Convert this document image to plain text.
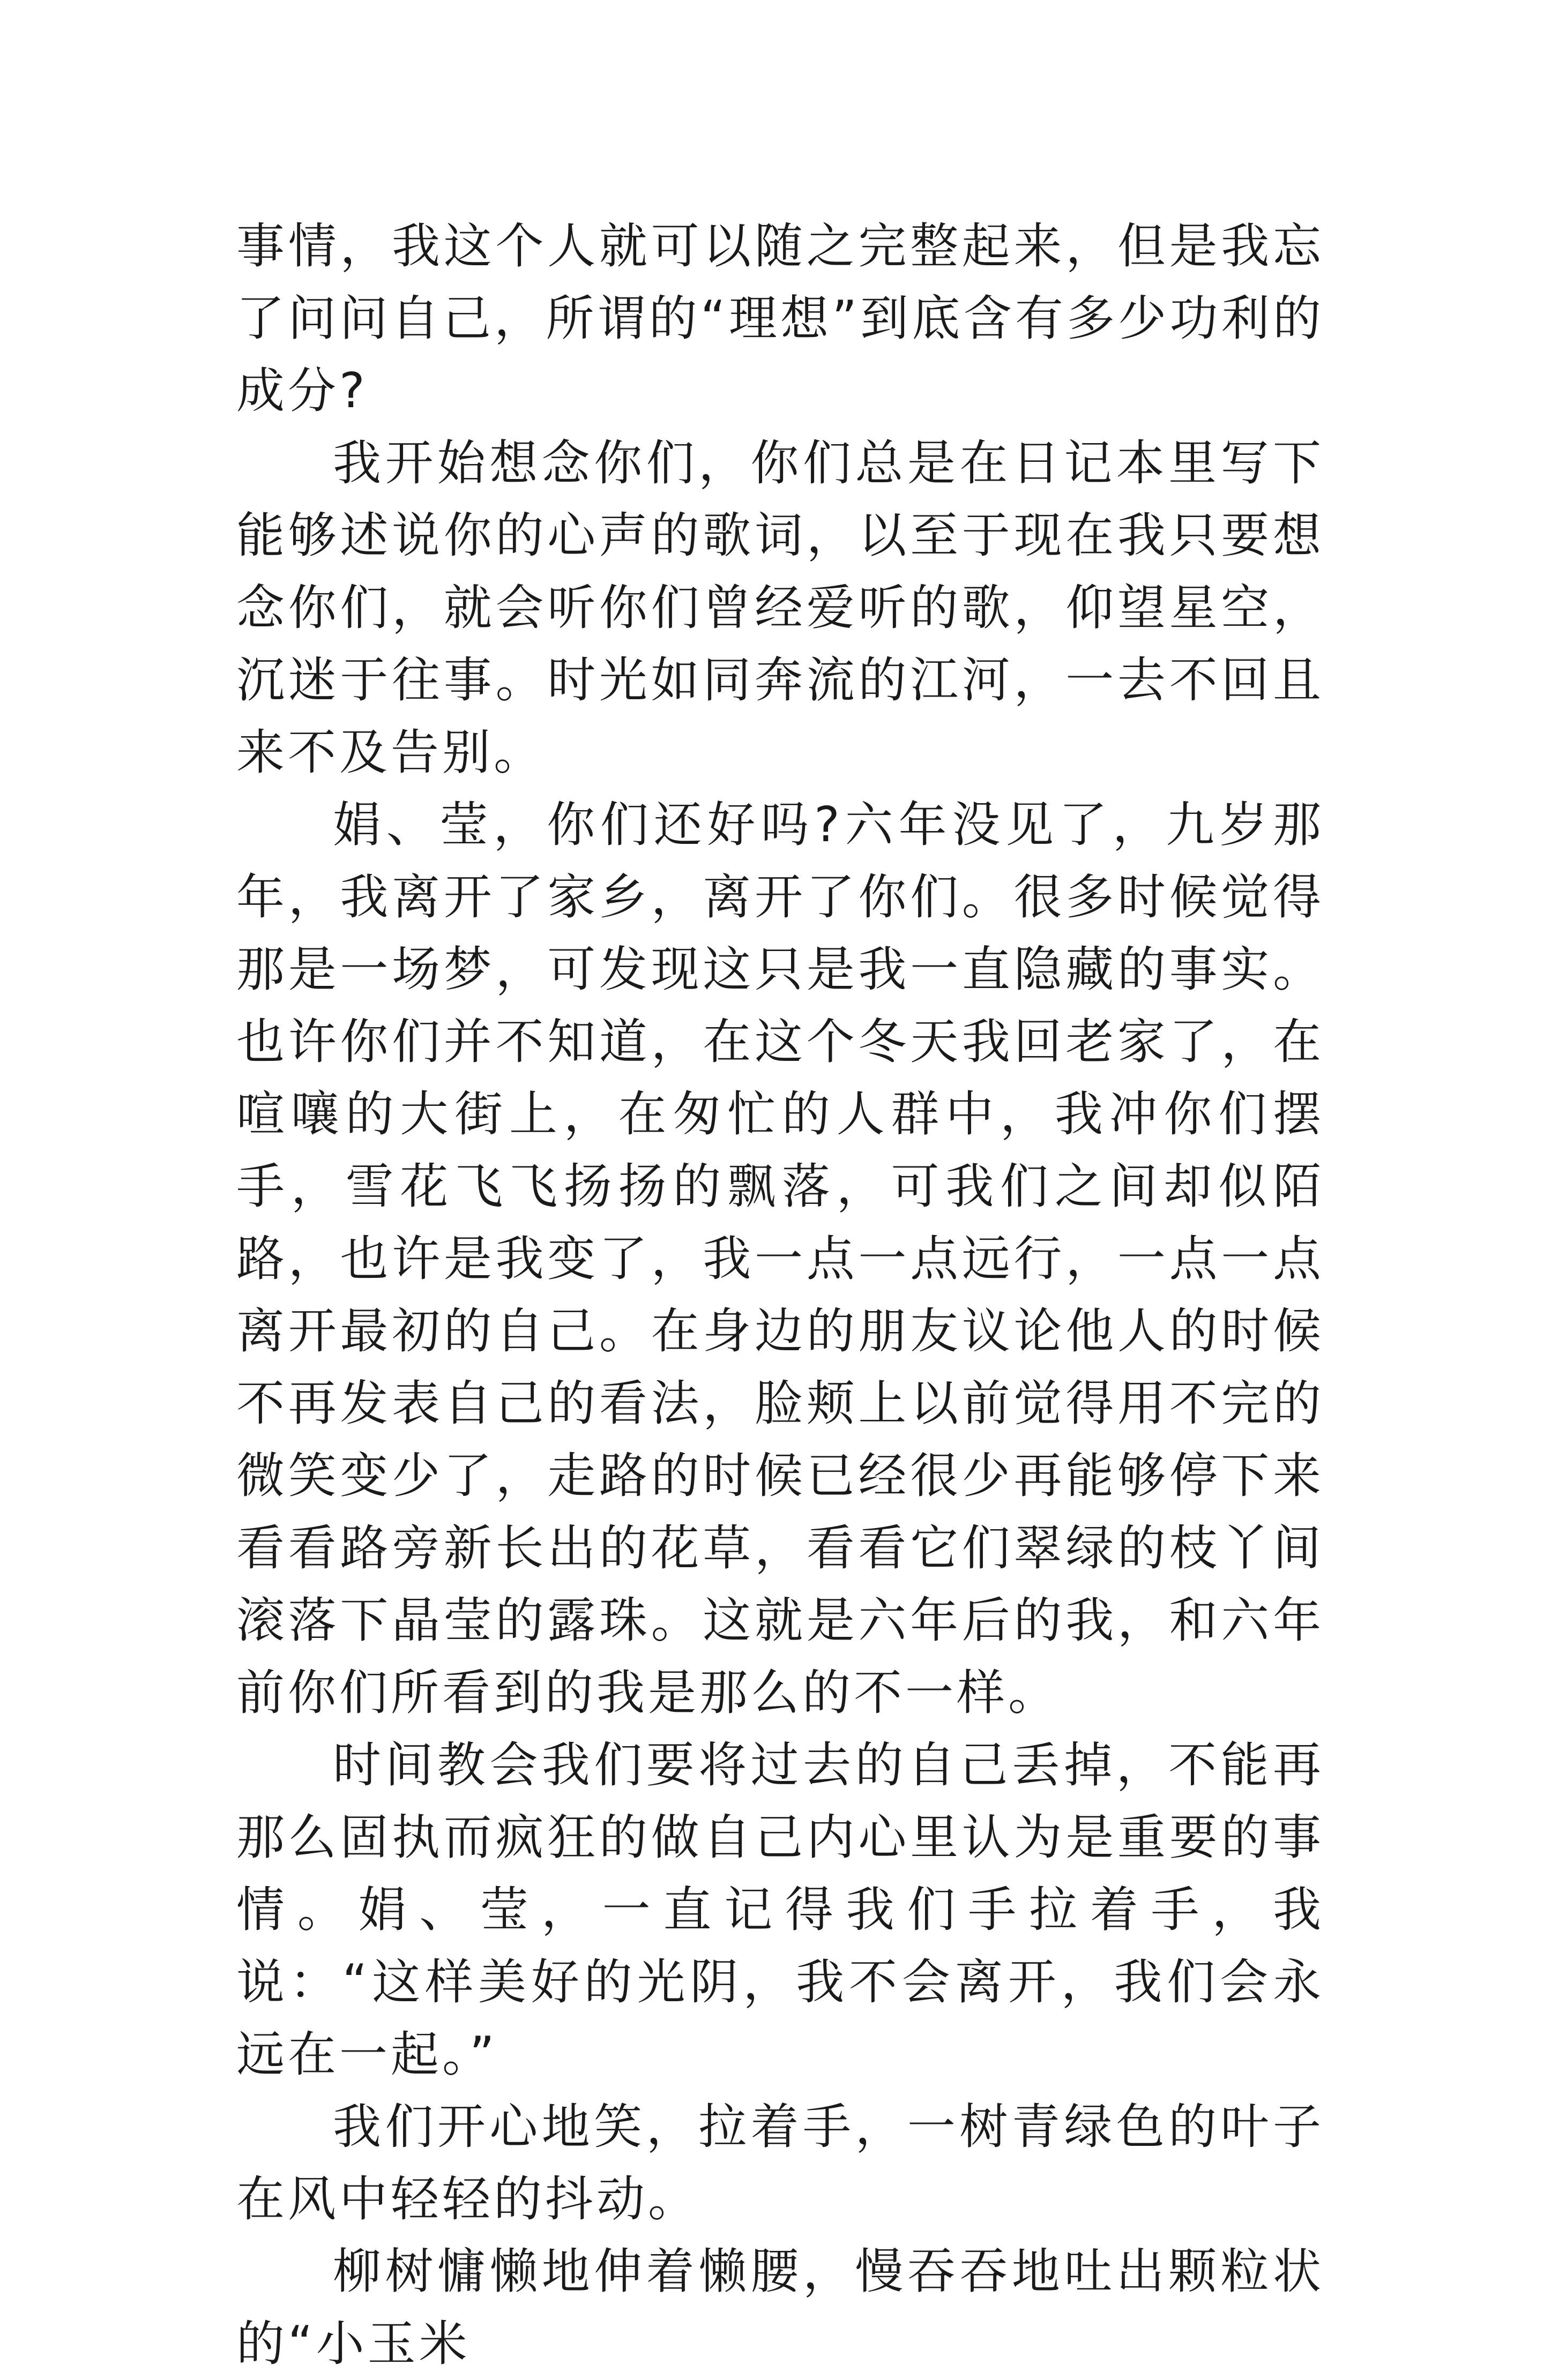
事情，我这个人就可以随之完整起来，但是我忘了问问自己，所谓的“理想”到底含有多少功利的成分?

我开始想念你们，你们总是在日记本里写下能够述说你的心声的歌词，以至于现在我只要想念你们，就会听你们曾经爱听的歌，仰望星空，沉迷于往事。时光如同奔流的江河，一去不回且来不及告别。

娟、莹，你们还好吗?六年没见了，九岁那年，我离开了家乡，离开了你们。很多时候觉得那是一场梦，可发现这只是我一直隐藏的事实。也许你们并不知道，在这个冬天我回老家了，在喧嚷的大街上，在匆忙的人群中，我冲你们摆手，雪花飞飞扬扬的飘落，可我们之间却似陌路，也许是我变了，我一点一点远行，一点一点离开最初的自己。在身边的朋友议论他人的时候不再发表自己的看法，脸颊上以前觉得用不完的微笑变少了，走路的时候已经很少再能够停下来看看路旁新长出的花草，看看它们翠绿的枝丫间滚落下晶莹的露珠。这就是六年后的我，和六年前你们所看到的我是那么的不一样。

时间教会我们要将过去的自己丢掉，不能再那么固执而疯狂的做自己内心里认为是重要的事情。娟、莹，一直记得我们手拉着手，我说：“这样美好的光阴，我不会离开，我们会永远在一起。”

我们开心地笑，拉着手，一树青绿色的叶子在风中轻轻的抖动。

柳树慵懒地伸着懒腰，慢吞吞地吐出颗粒状的“小玉米
